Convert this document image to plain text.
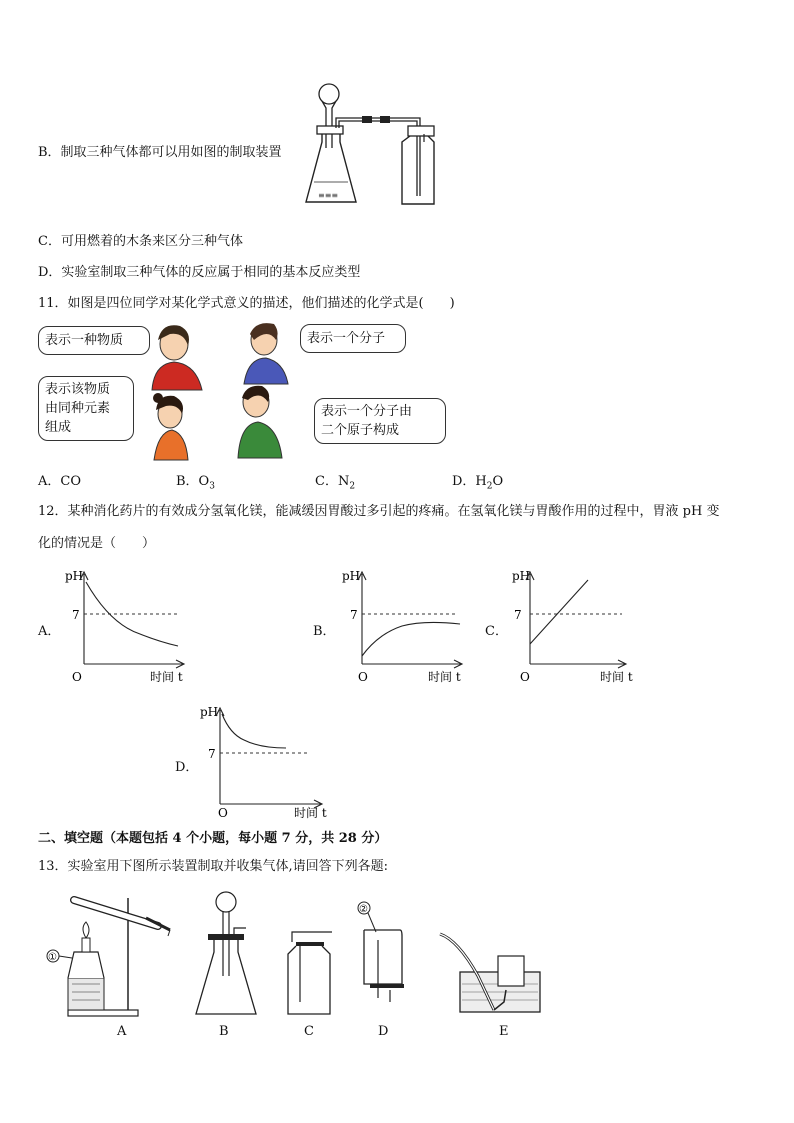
B．制取三种气体都可以用如图的制取装置
≡≡≡
C．可用燃着的木条来区分三种气体
D．实验室制取三种气体的反应属于相同的基本反应类型
11．如图是四位同学对某化学式意义的描述，他们描述的化学式是(　　)
表示一种物质	表示一个分子
表示该物质
由同种元素
组成
表示一个分子由
二个原子构成
A．CO	B．$O_3$	C．$N_2$	D．$H_2O$
12．某种消化药片的有效成分氢氧化镁，能减缓因胃酸过多引起的疼痛。在氢氧化镁与胃酸作用的过程中，胃液 pH 变
化的情况是（　　）
A．
pH
7
O	时间 t
B．
pH
7
O	时间 t
C．
pH
7
O	时间 t
D．
pH
7
O	时间 t
二、填空题（本题包括 4 个小题，每小题 7 分，共 28 分）
13．实验室用下图所示装置制取并收集气体,请回答下列各题:
①
②
A	B	C	D	E
